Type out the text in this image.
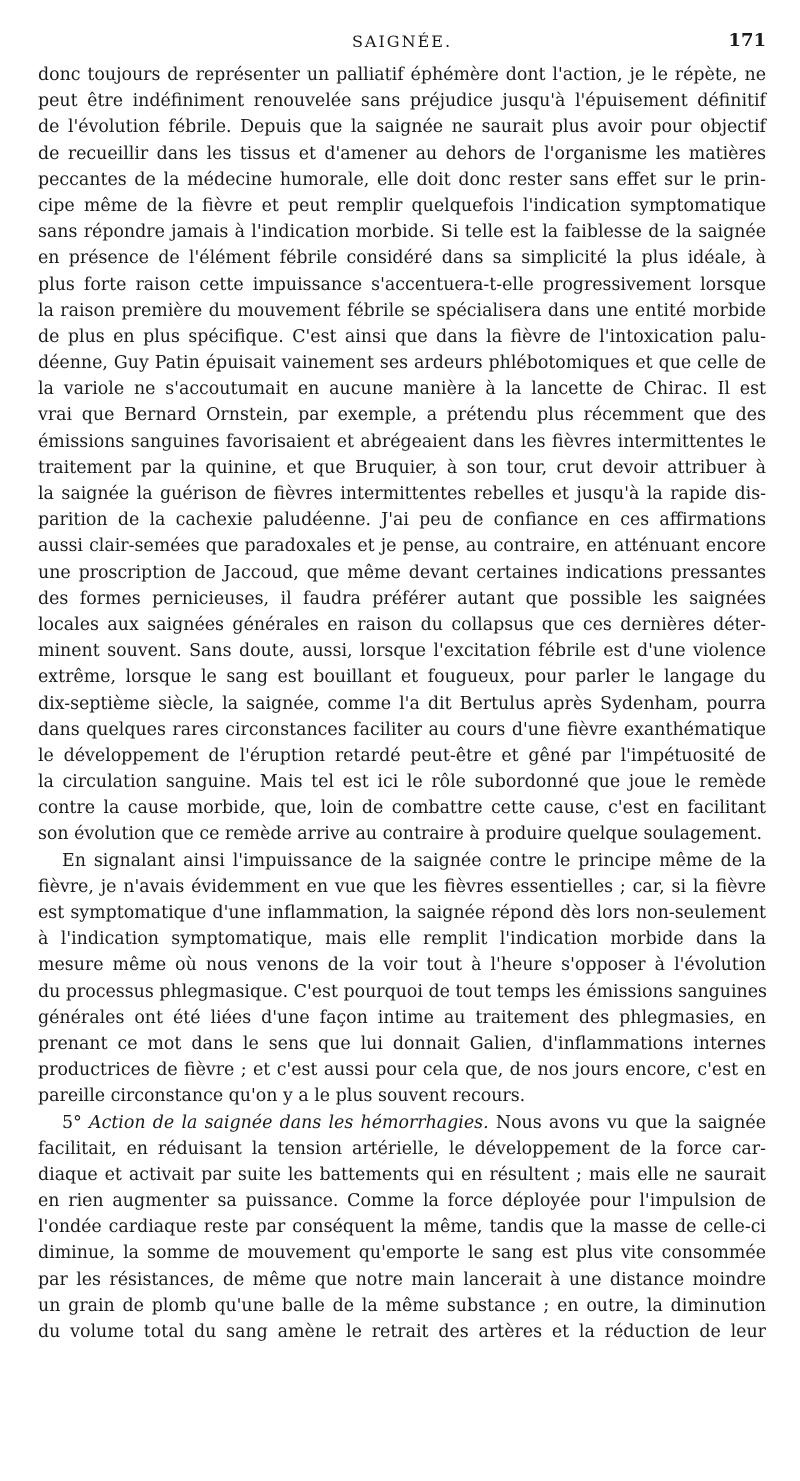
SAIGNÉE.	171
donc toujours de représenter un palliatif éphémère dont l'action, je le répète, ne
peut être indéfiniment renouvelée sans préjudice jusqu'à l'épuisement définitif
de l'évolution fébrile. Depuis que la saignée ne saurait plus avoir pour objectif
de recueillir dans les tissus et d'amener au dehors de l'organisme les matières
peccantes de la médecine humorale, elle doit donc rester sans effet sur le prin-
cipe même de la fièvre et peut remplir quelquefois l'indication symptomatique
sans répondre jamais à l'indication morbide. Si telle est la faiblesse de la saignée
en présence de l'élément fébrile considéré dans sa simplicité la plus idéale, à
plus forte raison cette impuissance s'accentuera-t-elle progressivement lorsque
la raison première du mouvement fébrile se spécialisera dans une entité morbide
de plus en plus spécifique. C'est ainsi que dans la fièvre de l'intoxication palu-
déenne, Guy Patin épuisait vainement ses ardeurs phlébotomiques et que celle de
la variole ne s'accoutumait en aucune manière à la lancette de Chirac. Il est
vrai que Bernard Ornstein, par exemple, a prétendu plus récemment que des
émissions sanguines favorisaient et abrégeaient dans les fièvres intermittentes le
traitement par la quinine, et que Bruquier, à son tour, crut devoir attribuer à
la saignée la guérison de fièvres intermittentes rebelles et jusqu'à la rapide dis-
parition de la cachexie paludéenne. J'ai peu de confiance en ces affirmations
aussi clair-semées que paradoxales et je pense, au contraire, en atténuant encore
une proscription de Jaccoud, que même devant certaines indications pressantes
des formes pernicieuses, il faudra préférer autant que possible les saignées
locales aux saignées générales en raison du collapsus que ces dernières déter-
minent souvent. Sans doute, aussi, lorsque l'excitation fébrile est d'une violence
extrême, lorsque le sang est bouillant et fougueux, pour parler le langage du
dix-septième siècle, la saignée, comme l'a dit Bertulus après Sydenham, pourra
dans quelques rares circonstances faciliter au cours d'une fièvre exanthématique
le développement de l'éruption retardé peut-être et gêné par l'impétuosité de
la circulation sanguine. Mais tel est ici le rôle subordonné que joue le remède
contre la cause morbide, que, loin de combattre cette cause, c'est en facilitant
son évolution que ce remède arrive au contraire à produire quelque soulagement.
En signalant ainsi l'impuissance de la saignée contre le principe même de la
fièvre, je n'avais évidemment en vue que les fièvres essentielles ; car, si la fièvre
est symptomatique d'une inflammation, la saignée répond dès lors non-seulement
à l'indication symptomatique, mais elle remplit l'indication morbide dans la
mesure même où nous venons de la voir tout à l'heure s'opposer à l'évolution
du processus phlegmasique. C'est pourquoi de tout temps les émissions sanguines
générales ont été liées d'une façon intime au traitement des phlegmasies, en
prenant ce mot dans le sens que lui donnait Galien, d'inflammations internes
productrices de fièvre ; et c'est aussi pour cela que, de nos jours encore, c'est en
pareille circonstance qu'on y a le plus souvent recours.
5° Action de la saignée dans les hémorrhagies. Nous avons vu que la saignée
facilitait, en réduisant la tension artérielle, le développement de la force car-
diaque et activait par suite les battements qui en résultent ; mais elle ne saurait
en rien augmenter sa puissance. Comme la force déployée pour l'impulsion de
l'ondée cardiaque reste par conséquent la même, tandis que la masse de celle-ci
diminue, la somme de mouvement qu'emporte le sang est plus vite consommée
par les résistances, de même que notre main lancerait à une distance moindre
un grain de plomb qu'une balle de la même substance ; en outre, la diminution
du volume total du sang amène le retrait des artères et la réduction de leur
